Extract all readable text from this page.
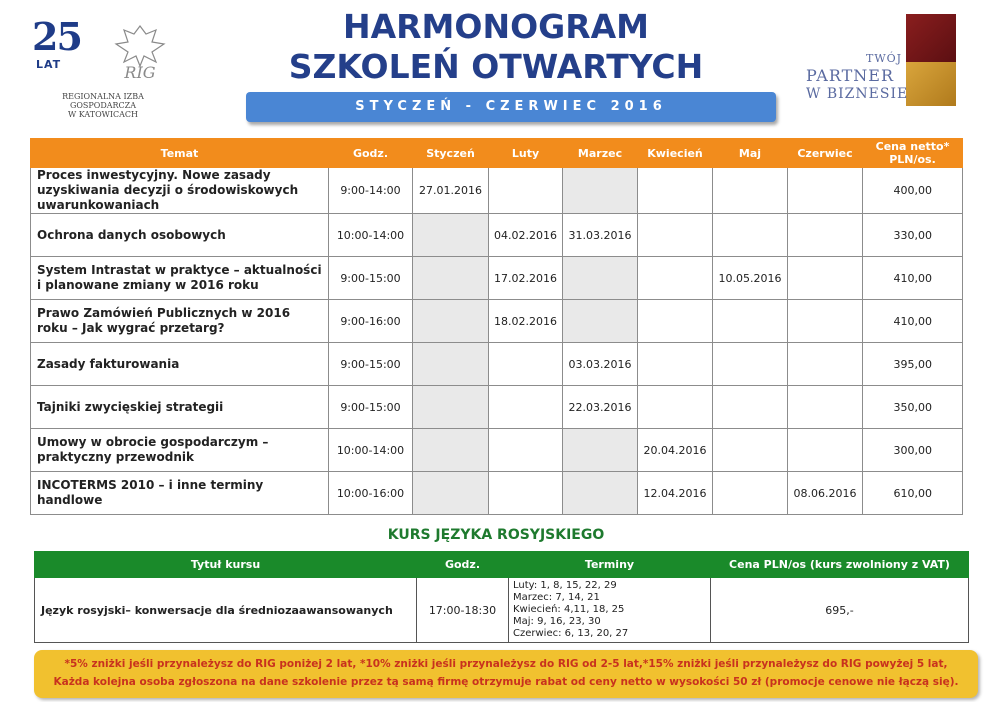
25
LAT	RIG
REGIONALNA IZBA GOSPODARCZA
W KATOWICACH
HARMONOGRAM
SZKOLEŃ OTWARTYCH
STYCZEŃ - CZERWIEC 2016
TWÓJ
PARTNER
W BIZNESIE
Temat	Godz.	Styczeń	Luty	Marzec	Kwiecień	Maj	Czerwiec	Cena netto* PLN/os.
Proces inwestycyjny. Nowe zasady uzyskiwania decyzji o środowiskowych uwarunkowaniach	9:00-14:00	27.01.2016						400,00
Ochrona danych osobowych	10:00-14:00		04.02.2016	31.03.2016				330,00
System Intrastat w praktyce – aktualności i planowane zmiany w 2016 roku	9:00-15:00		17.02.2016			10.05.2016		410,00
Prawo Zamówień Publicznych w 2016 roku – Jak wygrać przetarg?	9:00-16:00		18.02.2016					410,00
Zasady fakturowania	9:00-15:00			03.03.2016				395,00
Tajniki zwycięskiej strategii	9:00-15:00			22.03.2016				350,00
Umowy w obrocie gospodarczym – praktyczny przewodnik	10:00-14:00				20.04.2016			300,00
INCOTERMS 2010 – i inne terminy handlowe	10:00-16:00				12.04.2016		08.06.2016	610,00
KURS JĘZYKA ROSYJSKIEGO
Tytuł kursu	Godz.	Terminy	Cena PLN/os (kurs zwolniony z VAT)
Język rosyjski– konwersacje dla średniozaawansowanych	17:00-18:30	Luty: 1, 8, 15, 22, 29
Marzec: 7, 14, 21
Kwiecień: 4,11, 18, 25
Maj: 9, 16, 23, 30
Czerwiec: 6, 13, 20, 27	695,-
*5% zniżki jeśli przynależysz do RIG poniżej 2 lat, *10% zniżki jeśli przynależysz do RIG od 2-5 lat,*15% zniżki jeśli przynależysz do RIG powyżej 5 lat,
Każda kolejna osoba zgłoszona na dane szkolenie przez tą samą firmę otrzymuje rabat od ceny netto w wysokości 50 zł (promocje cenowe nie łączą się).
